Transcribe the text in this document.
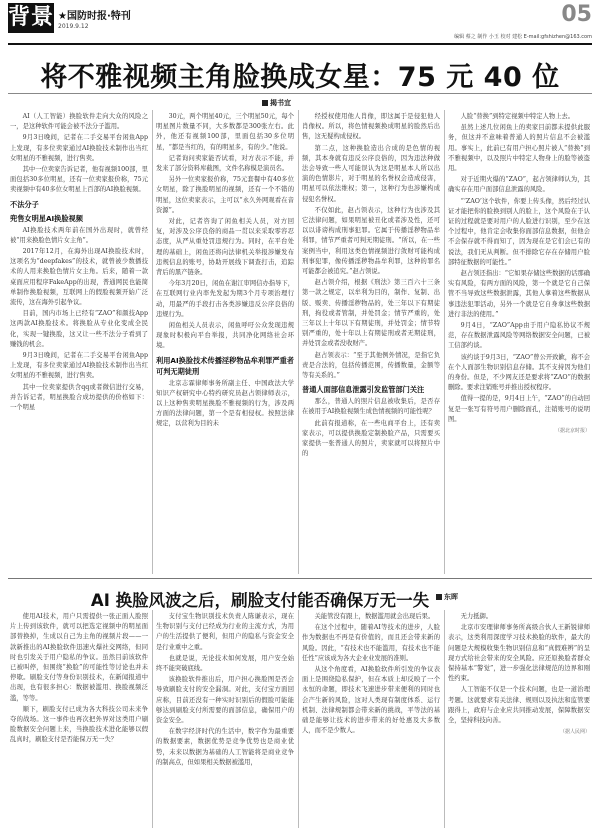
背景 ★国防时报·特刊
2019.9.12	05
编辑 蔡之 制作 小玉 校对 建松 E-mail:gfshizhen@163.com
将不雅视频主角脸换成女星：75 元 40 位
揭书宜

AI（人工智能）换脸软件走向大众的风险之一，是这种软件可能会被不法分子滥用。

9月3日晚间，记者在二手交易平台闲鱼App上发现，有多位卖家通过AI换脸技术制作出当红女明星的不雅视频，进行售卖。

其中一位卖家告诉记者，他有视频100部，里面包括30多位明星，还有一位卖家报价称，75元卖视频中有40多位女明星上百部的AI换脸视频。

不法分子

兜售女明星AI换脸视频

AI换脸技术两年前在国外出现时，就曾经被“用来换脸色情片女主角”。

2017年12月，在海外出现AI换脸技术时，这项名为“deepfakes”的技术，就曾被少数播技术的人用来换脸色情片女主角。后来，随着一款桌面应用程序FakeApp的出现，普通网民也能简单制作换脸视频，互联网上的假脸视频开始广泛流传，这在海外引起争议。

目前，国内市场上已经有“ZAO”和颜技App这两款AI换脸技术。将换脸从专业化变成全民化，实现一键换脸，这又让一些不法分子看到了赚钱的机会。

9月3日晚间，记者在二手交易平台闲鱼App上发现，有多位卖家通过AI换脸技术制作出当红女明星的不雅视频，进行售卖。

其中一位卖家提供含qq或者微信进行交易，并告诉记者，明星换脸合成坊提供的价格如下：一个明星

30元，两个明星40元，三个明星50元，每个明星图片数量不同，大多数都是300张左右。此外，他还有视频100部，里面包括30多位明星，“都是当红的，有的明星多，有的少。”他说。

记者询问卖家能否试看，对方表示不能，并发来了部分资料库截图，文件名称模是演员名。

另外一位卖家报价称，75元套餐中有40多位女明星，除了换脸明星的视频，还有一个不错的明星，这位卖家表示，主可以“永久外网观看在音资源”。

对此，记者咨询了闲鱼相关人员，对方回复，对涉及公序良俗的商品一贯以来采取零容忍态度，从严从重处罚违规行为。同时，在平台处理的基础上，闲鱼还将向法律机关举报涉嫌发布违规信息的账号，协助开展线下调查打击，追踪背后的黑产链条。

今年3月20日，闲鱼在谢江审网信办指导下，在互联网行业内率先发起为期3个月专项治理行动，用最严的手段打击各类涉嫌违反公序良俗的违规行为。

闲鱼相关人员表示，闲鱼呼吁公众发现违规现象时积极向平台举报，共同净化网络社会环境。

利用AI换脸技术传播淫秽物品牟利罪严重者可判无期徒刑

北京志霖律师事务所副主任、中国政法大学知识产权研究中心特约研究员赵占领律师表示，以上这种售卖明星换脸不雅视频的行为，涉及两方面的法律问题，第一个是有相侵权。按照法律规定，以营利为目的未

经授权使用他人肖像，即这属于是侵犯他人肖像权。所以，将色情视频换成明星的脸然后出售，这无疑构成侵权。

第二点，这种换脸造出合成的是色情的视频，其本身就有违反公序良俗的，因为违法种做法会导致一些人可能误认为这是明星本人所以出演的色情影片，对于明星的名誉权会造成侵害，明星可以依法维权；第一，这种行为也涉嫌构成侵犯名誉权。

不仅如此，赵占领表示，这种行为也涉及其它法律问题，如果明星被丑化或者涉及性，还可以以诽谤构成刑事犯罪。它属于传播淫秽物品牟利罪，情节严重者可判无期徒刑。“所以，在一些案例当中，利用这类色情视频进行敛财可能构成刑事犯罪，像传播淫秽物品牟利罪，这种的罪名可能都会被追究。”赵占领说。

赵占领介绍，根据《刑法》第三百六十三条第一款之规定，以牟利为目的，制作、复制、出版、贩卖、传播淫秽物品的，处三年以下有期徒刑，拘役或者管制，并处罚金；情节严重的，处三年以上十年以下有期徒刑，并处罚金；情节特别严重的，处十年以上有期徒刑或者无期徒刑，并处罚金或者没收财产。

赵占领表示：“至于其他例外情况，是指它负责是合法的，包括传播范围，传播数量，金额等等有关系的。”

普通人面部信息泄露引发监管部门关注

那么，普通人的照片信息被收集后，是否存在被用于AI换脸视频生成色情视频的可能性呢？

此前有报道称，在一些电商平台上，还有卖家表示，可以提供换脸定制换脸产品，只需要买家提供一张普通人的照片，卖家就可以将照片中的

人脸“替换”到特定视频中特定人物上去。

虽然上述几位闲鱼上的卖家目前都未提供此服务，但这并不意味着普通人的照片信息不会被滥用。事实上，此前已有用户担心照片被人“替换”到不雅视频中，以及照片中特定人物身上的脸等被盗用。

对于近期火爆的“ZAO”，起占领律师认为，其确实存在用户面部信息泄露的风险。

“‘ZAO’这个软件，你要上传头像，然后经过认证才能把你的脸换到别人的脸上，这个风险在于认证的过程就是要对用户的人脸进行识别，至少在这个过程中，他肯定会收集你面部信息数据，但他会不会保存就不得而知了，因为现在是它们会已有的说法，我们无从判断。但不排除它存在存储用户脸部特征数据的可能性。”

赵占领还指出：“它如果存储这些数据的话那确实有风险，有两方面的风险，第一个就是它自己保管不当导致这些数据泄露，其他人拿着这些数据从事违法犯罪活动，另外一个就是它自身拿这些数据进行非法的使用。”

9月4日，“ZAO”App由于用户隐私协议不规范，存在数据泄露风险等网络数据安全问题，已被工信部约谈。

该约谈于9月3日，“ZAO”曾公开致歉，称不会在个人面部生物识别信息存储。其不支持因为他们的身份。但是，不少网友还是要求将“ZAO”的数据删除。要求注销账号并推出授权程序。

值得一提的是，9月4日上午，“ZAO”的自动回复是一张写有符号用户删除面孔，注销账号的说明图。

（据北京时报）

AI 换脸风波之后，刷脸支付能否确保万无一失	东晖

使用AI技术，用户只需提供一张正面人脸照片上传到该软件，就可以把选定视频中的明星面部替换掉，生成以自己为主角的视频片段——一款新推出的AI换脸软件迅速火爆社交网络，但同时也引发关于用户隐私的争议。虽然目前该软件已被叫停，但围绕“换脸”的可能性等讨论也并未停歇。刷脸支付等身份识别技术，在新闻报道中出现，也有很多担心：数据被滥用、换脸视频泛滥，等等。

顺下，刷脸支付已成为各大科技公司未来争夺的战场。这一事件也再次把外界对这类用户刷脸数据安全问题上来，当换脸技术进化能够以假乱真时，刷脸支付是否能保万无一失？

支付宝生物识别技术负责人陈谦表示，现在生物识别与支付已经成为行业的主流方式，为用户的生活提供了便利，但用户的隐私与资金安全是行业重中之重。

也就是说，无论技术如何发展，用户安全始终不能突破底线。

该换脸软件推出后，用户担心换脸图是否会导致刷脸支付的安全漏洞。对此，支付宝方面回应称，目前还没有一种实时识别后的假脸可能能够达到刷脸支付所需要的面部信息，确保用户的资金安全。

在数字经济时代的生活中，数字作为最重要的数据要素，数据优势是竞争优势也是商业优势，未来以数据为基础的人工智能将是商业竞争的制高点，但如果相关数据被滥用，

关能管没有跟上，数据滥用就会出现后果。

在这个过程中，随着AI等技术的进步，人脸作为数据也不再是有价值的，而且还会带来新的风险。因此，“有技术也不能滥用，有技术也不能任性”应该成为各大企业业发展的准则。

从这个角度看，AI换脸软件所引发的争议表面上是围绕隐私保护，但在本质上却反映了一个永恒的命题，即技术飞速进步带来便利的同时也会产生新的风险，这对人类现有制度体系、运行机制、法律规制都会带来新的挑战，平等法的基础是能够让技术的进步带来的好处惠及大多数人，而不是少数人。

无力抵御。

北京市安理律师事务所高级合伙人王新锐律师表示，这类利用深度学习技术换脸的软件，最大的问题是大规模收集生物识别信息和“真假难辨”的呈现方式给社会带来的安全风险。应还原换脸者群众保持基本“警觉”，进一步强化法律规范的边界和刚性约束。

人工智能不仅是一个技术问题，也是一道治理考题。这就要求有关法律、规则以及执法和监管要跟得上，政府与企业应共同推动发展，保障数据安全，坚持科技向善。

（据人民网）
